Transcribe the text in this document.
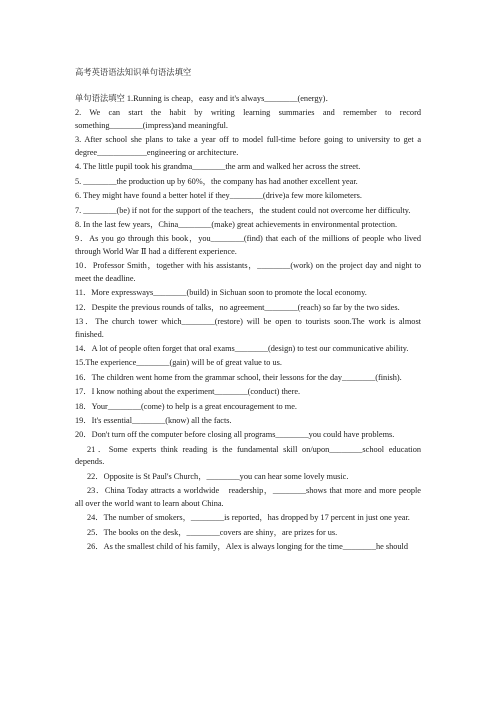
高考英语语法知识单句语法填空

单句语法填空 1.Running is cheap，easy and it's always________(energy)．

2. We can start the habit by writing learning summaries and remember to record something________(impress)and meaningful.

3. After school she plans to take a year off to model full-time before going to university to get a degree____________engineering or architecture.

4. The little pupil took his grandma________the arm and walked her across the street.

5. ________the production up by 60%，the company has had another excellent year.

6. They might have found a better hotel if they________(drive)a few more kilometers.

7. ________(be) if not for the support of the teachers，the student could not overcome her difficulty.

8. In the last few years，China________(make) great achievements in environmental protection.

9．As you go through this book，you________(find) that each of the millions of people who lived through World War Ⅱ had a different experience.

10．Professor Smith，together with his assistants，________(work) on the project day and night to meet the deadline.

11．More expressways________(build) in Sichuan soon to promote the local economy.

12．Despite the previous rounds of talks，no agreement________(reach) so far by the two sides.

13．The church tower which________(restore) will be open to tourists soon.The work is almost finished.

14．A lot of people often forget that oral exams________(design) to test our communicative ability.

15.The experience________(gain) will be of great value to us.

16．The children went home from the grammar school, their lessons for the day________(finish).

17．I know nothing about the experiment________(conduct) there.

18．Your________(come) to help is a great encouragement to me.

19．It's essential________(know) all the facts.

20．Don't turn off the computer before closing all programs________you could have problems.

21．Some experts think reading is the fundamental skill on/upon________school education depends.

22．Opposite is St Paul's Church，________you can hear some lovely music.

23．China Today attracts a worldwide　readership，________shows that more and more people all over the world want to learn about China.

24．The number of smokers，________is reported，has dropped by 17 percent in just one year.

25．The books on the desk，________covers are shiny，are prizes for us.

26．As the smallest child of his family，Alex is always longing for the time________he should
